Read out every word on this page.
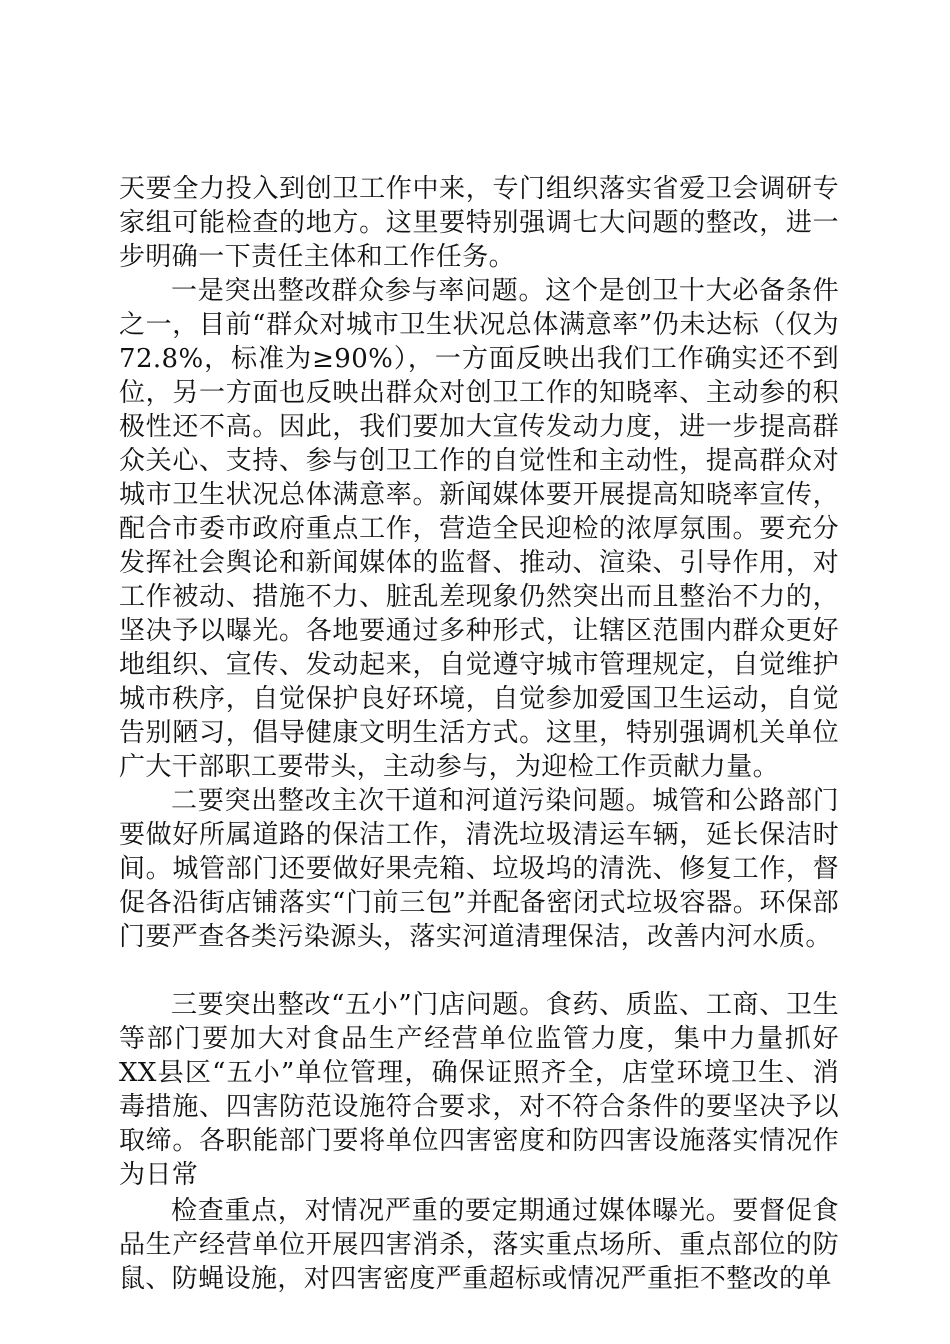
天要全力投入到创卫工作中来，专门组织落实省爱卫会调研专家组可能检查的地方。这里要特别强调七大问题的整改，进一步明确一下责任主体和工作任务。

一是突出整改群众参与率问题。这个是创卫十大必备条件之一，目前“群众对城市卫生状况总体满意率”仍未达标（仅为72.8%，标准为≥90%），一方面反映出我们工作确实还不到位，另一方面也反映出群众对创卫工作的知晓率、主动参的积极性还不高。因此，我们要加大宣传发动力度，进一步提高群众关心、支持、参与创卫工作的自觉性和主动性，提高群众对城市卫生状况总体满意率。新闻媒体要开展提高知晓率宣传，配合市委市政府重点工作，营造全民迎检的浓厚氛围。要充分发挥社会舆论和新闻媒体的监督、推动、渲染、引导作用，对工作被动、措施不力、脏乱差现象仍然突出而且整治不力的，坚决予以曝光。各地要通过多种形式，让辖区范围内群众更好地组织、宣传、发动起来，自觉遵守城市管理规定，自觉维护城市秩序，自觉保护良好环境，自觉参加爱国卫生运动，自觉告别陋习，倡导健康文明生活方式。这里，特别强调机关单位广大干部职工要带头，主动参与，为迎检工作贡献力量。

二要突出整改主次干道和河道污染问题。城管和公路部门要做好所属道路的保洁工作，清洗垃圾清运车辆，延长保洁时间。城管部门还要做好果壳箱、垃圾坞的清洗、修复工作，督促各沿街店铺落实“门前三包”并配备密闭式垃圾容器。环保部门要严查各类污染源头，落实河道清理保洁，改善内河水质。

三要突出整改“五小”门店问题。食药、质监、工商、卫生等部门要加大对食品生产经营单位监管力度，集中力量抓好XX县区“五小”单位管理，确保证照齐全，店堂环境卫生、消毒措施、四害防范设施符合要求，对不符合条件的要坚决予以取缔。各职能部门要将单位四害密度和防四害设施落实情况作为日常

检查重点，对情况严重的要定期通过媒体曝光。要督促食品生产经营单位开展四害消杀，落实重点场所、重点部位的防鼠、防蝇设施，对四害密度严重超标或情况严重拒不整改的单
